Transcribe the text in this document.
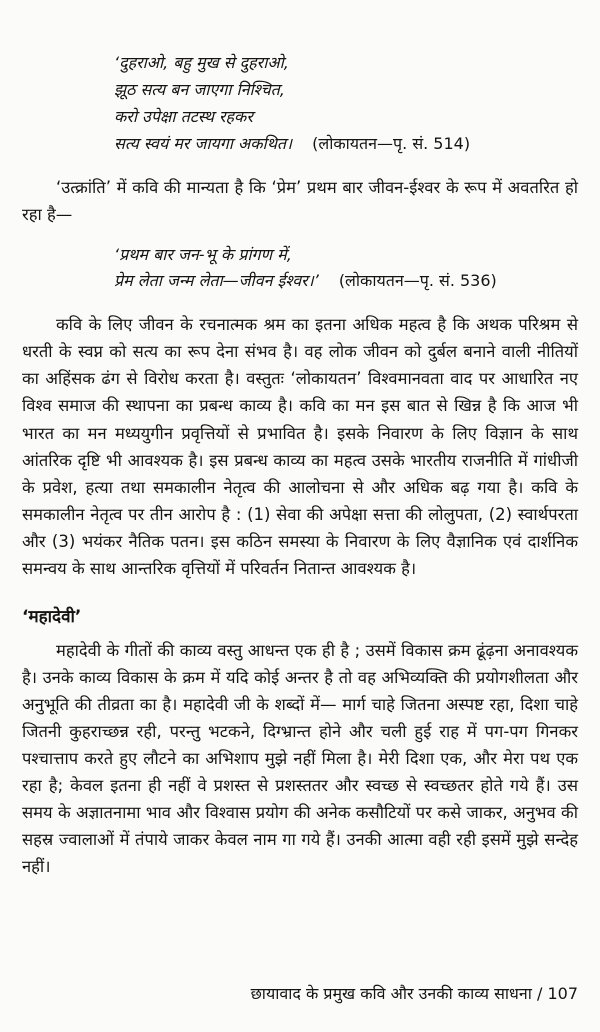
‘दुहराओ, बहु मुख से दुहराओ,
झूठ सत्य बन जाएगा निश्चित,
करो उपेक्षा तटस्थ रहकर
सत्य स्वयं मर जायगा अकथित। (लोकायतन—पृ. सं. 514)

‘उत्क्रांति’ में कवि की मान्यता है कि ‘प्रेम’ प्रथम बार जीवन-ईश्वर के रूप में अवतरित हो रहा है—

‘प्रथम बार जन-भू के प्रांगण में,
प्रेम लेता जन्म लेता—जीवन ईश्वर।’ (लोकायतन—पृ. सं. 536)

कवि के लिए जीवन के रचनात्मक श्रम का इतना अधिक महत्व है कि अथक परिश्रम से धरती के स्वप्न को सत्य का रूप देना संभव है। वह लोक जीवन को दुर्बल बनाने वाली नीतियों का अहिंसक ढंग से विरोध करता है। वस्तुतः ‘लोकायतन’ विश्वमानवता वाद पर आधारित नए विश्व समाज की स्थापना का प्रबन्ध काव्य है। कवि का मन इस बात से खिन्न है कि आज भी भारत का मन मध्ययुगीन प्रवृत्तियों से प्रभावित है। इसके निवारण के लिए विज्ञान के साथ आंतरिक दृष्टि भी आवश्यक है। इस प्रबन्ध काव्य का महत्व उसके भारतीय राजनीति में गांधीजी के प्रवेश, हत्या तथा समकालीन नेतृत्व की आलोचना से और अधिक बढ़ गया है। कवि के समकालीन नेतृत्व पर तीन आरोप है : (1) सेवा की अपेक्षा सत्ता की लोलुपता, (2) स्वार्थपरता और (3) भयंकर नैतिक पतन। इस कठिन समस्या के निवारण के लिए वैज्ञानिक एवं दार्शनिक समन्वय के साथ आन्तरिक वृत्तियों में परिवर्तन नितान्त आवश्यक है।

‘महादेवी’

महादेवी के गीतों की काव्य वस्तु आधन्त एक ही है ; उसमें विकास क्रम ढूंढ़ना अनावश्यक है। उनके काव्य विकास के क्रम में यदि कोई अन्तर है तो वह अभिव्यक्ति की प्रयोगशीलता और अनुभूति की तीव्रता का है। महादेवी जी के शब्दों में— मार्ग चाहे जितना अस्पष्ट रहा, दिशा चाहे जितनी कुहराच्छन्न रही, परन्तु भटकने, दिग्भ्रान्त होने और चली हुई राह में पग-पग गिनकर पश्चात्ताप करते हुए लौटने का अभिशाप मुझे नहीं मिला है। मेरी दिशा एक, और मेरा पथ एक रहा है; केवल इतना ही नहीं वे प्रशस्त से प्रशस्ततर और स्वच्छ से स्वच्छतर होते गये हैं। उस समय के अज्ञातनामा भाव और विश्वास प्रयोग की अनेक कसौटियों पर कसे जाकर, अनुभव की सहस्र ज्वालाओं में तंपाये जाकर केवल नाम गा गये हैं। उनकी आत्मा वही रही इसमें मुझे सन्देह नहीं।

छायावाद के प्रमुख कवि और उनकी काव्य साधना / 107
